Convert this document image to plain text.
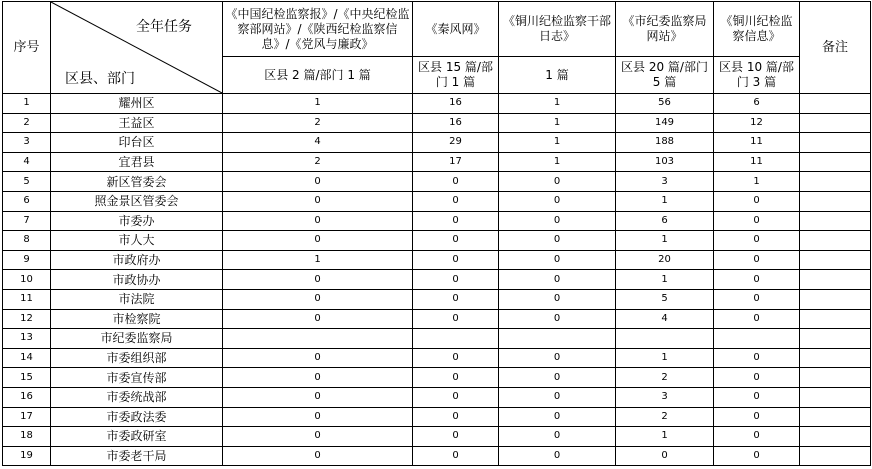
序号	全年任务
区县、部门	《中国纪检监察报》/《中央纪检监察部网站》/《陕西纪检监察信息》/《党风与廉政》	《秦风网》	《铜川纪检监察干部日志》	《市纪委监察局网站》	《铜川纪检监察信息》	备注
		区县 2 篇/部门 1 篇	区县 15 篇/部门 1 篇	1 篇	区县 20 篇/部门 5 篇	区县 10 篇/部门 3 篇	
1	耀州区	1	16	1	56	6	
2	王益区	2	16	1	149	12	
3	印台区	4	29	1	188	11	
4	宜君县	2	17	1	103	11	
5	新区管委会	0	0	0	3	1	
6	照金景区管委会	0	0	0	1	0	
7	市委办	0	0	0	6	0	
8	市人大	0	0	0	1	0	
9	市政府办	1	0	0	20	0	
10	市政协办	0	0	0	1	0	
11	市法院	0	0	0	5	0	
12	市检察院	0	0	0	4	0	
13	市纪委监察局						
14	市委组织部	0	0	0	1	0	
15	市委宣传部	0	0	0	2	0	
16	市委统战部	0	0	0	3	0	
17	市委政法委	0	0	0	2	0	
18	市委政研室	0	0	0	1	0	
19	市委老干局	0	0	0	0	0	
